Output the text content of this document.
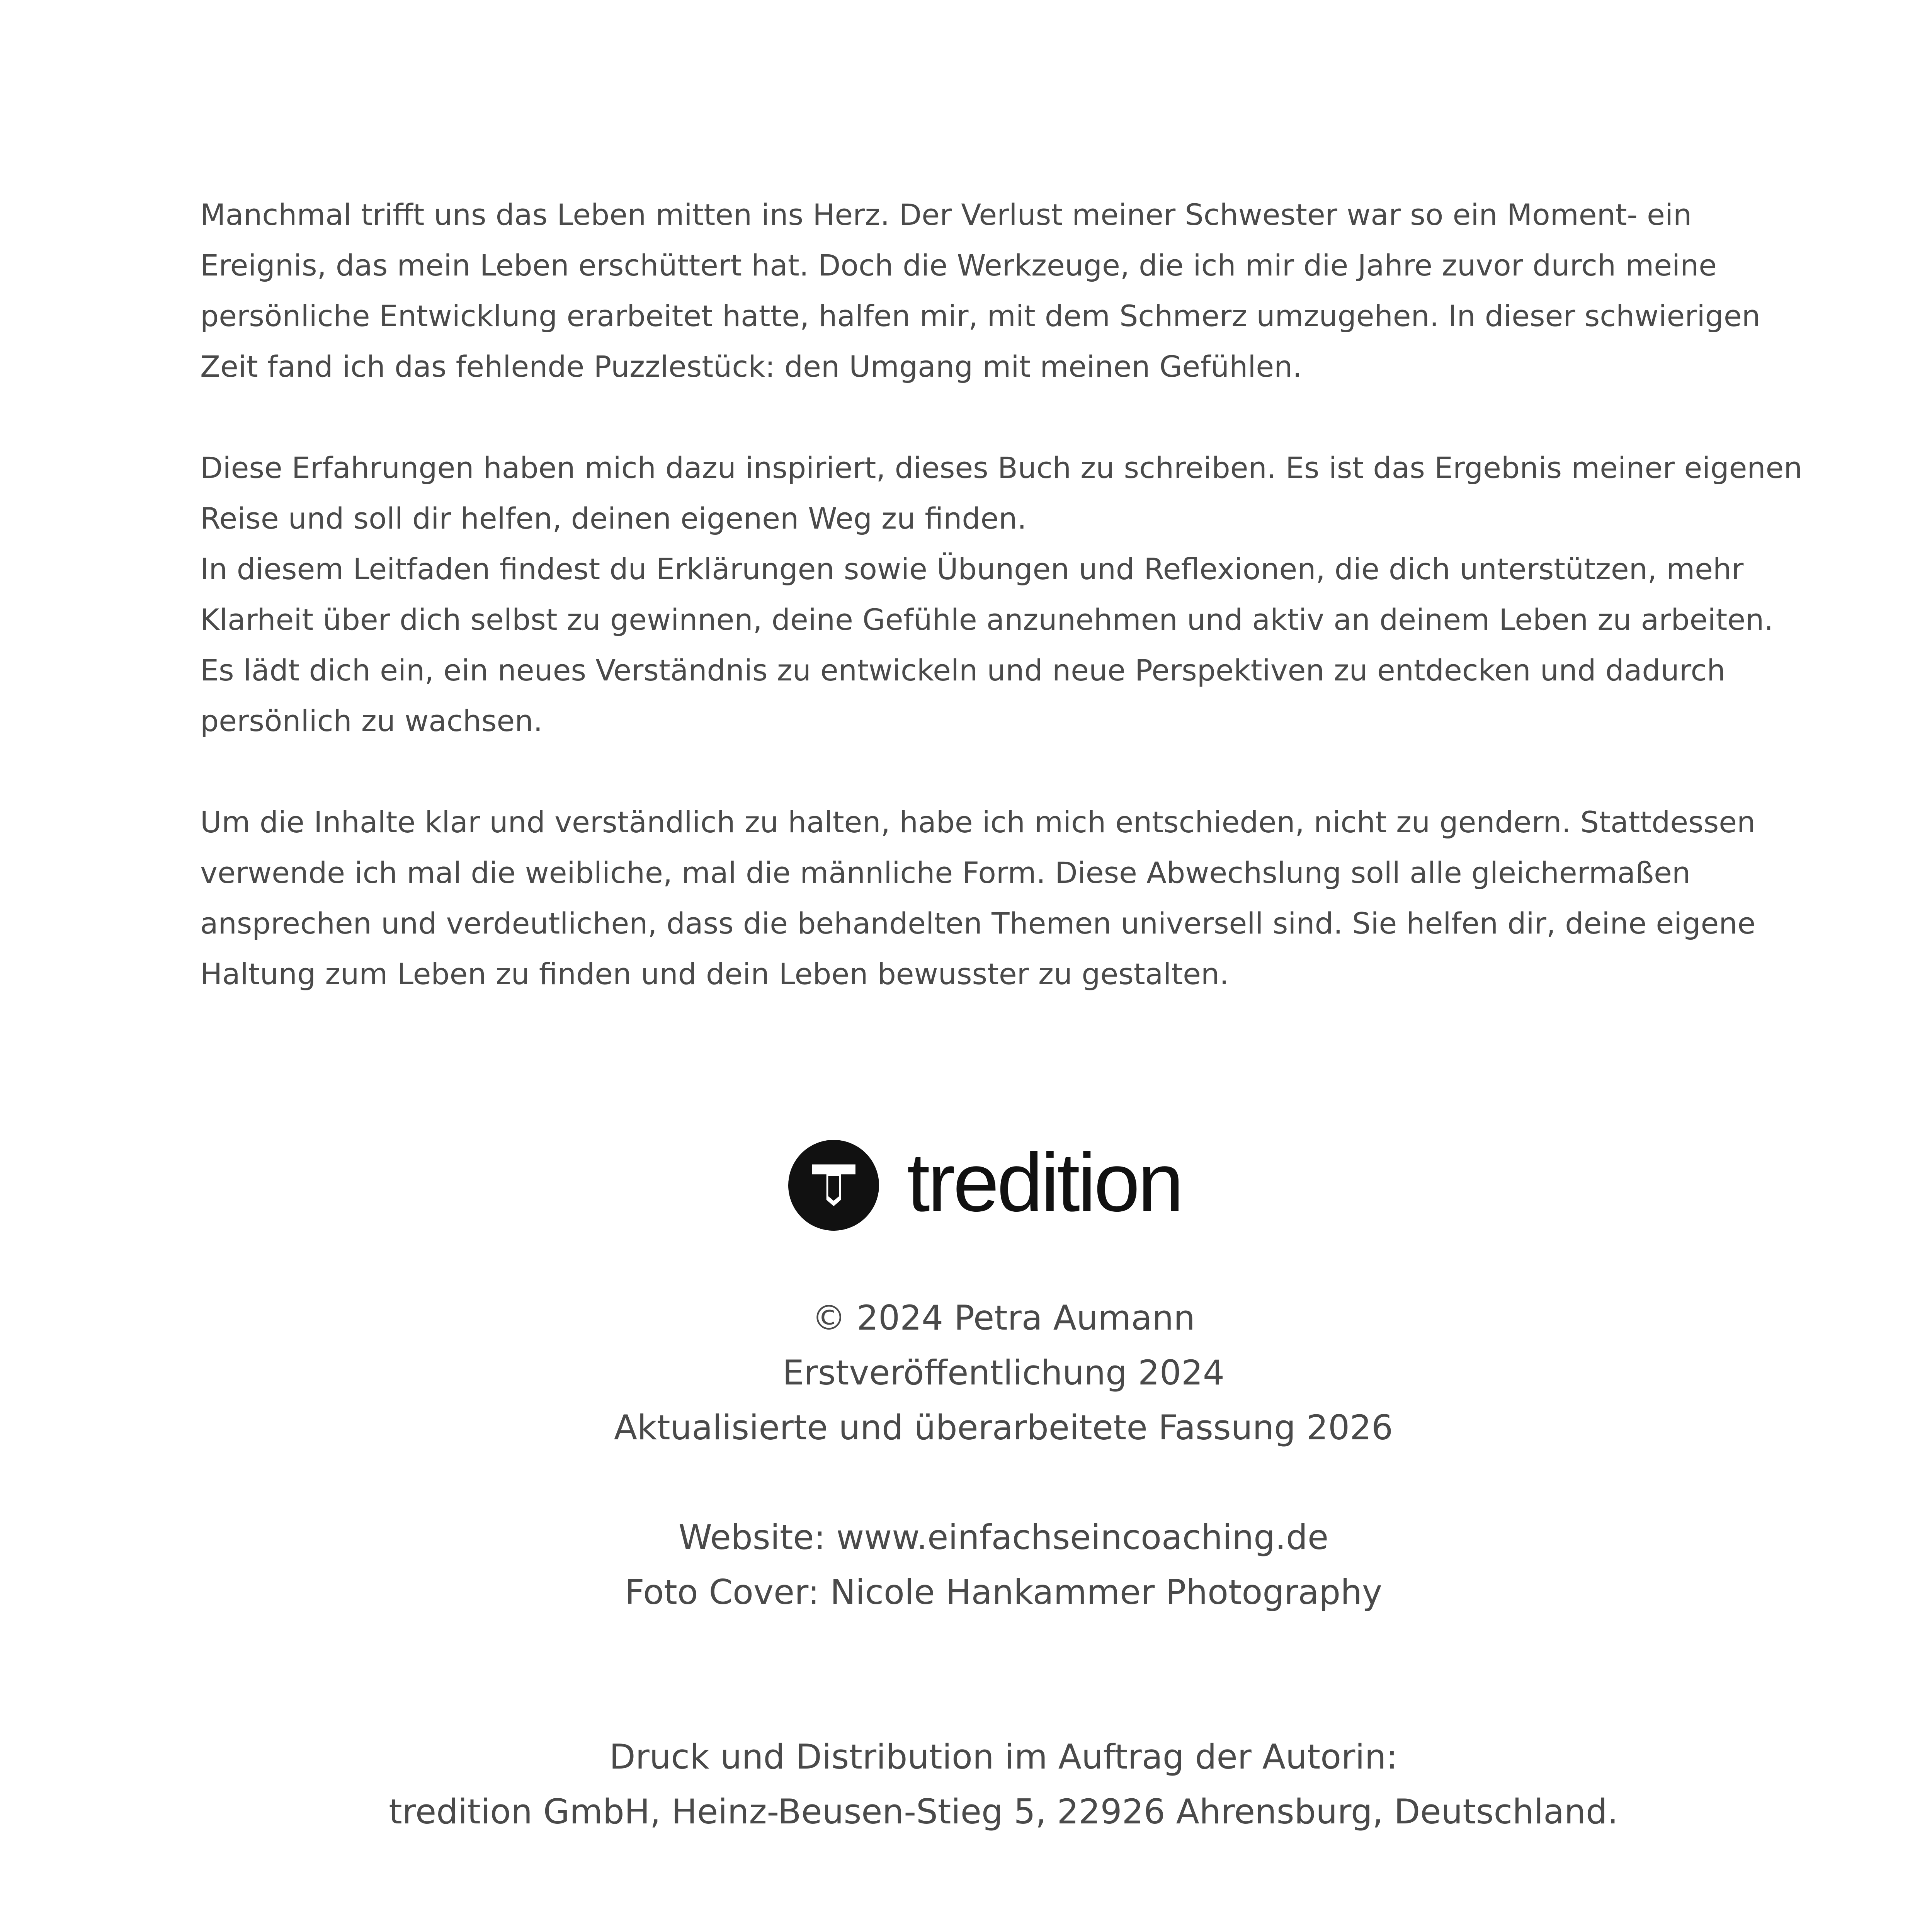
Manchmal trifft uns das Leben mitten ins Herz. Der Verlust meiner Schwester war so ein Moment- ein
Ereignis, das mein Leben erschüttert hat. Doch die Werkzeuge, die ich mir die Jahre zuvor durch meine
persönliche Entwicklung erarbeitet hatte, halfen mir, mit dem Schmerz umzugehen. In dieser schwierigen
Zeit fand ich das fehlende Puzzlestück: den Umgang mit meinen Gefühlen.

Diese Erfahrungen haben mich dazu inspiriert, dieses Buch zu schreiben. Es ist das Ergebnis meiner eigenen
Reise und soll dir helfen, deinen eigenen Weg zu finden.

In diesem Leitfaden findest du Erklärungen sowie Übungen und Reflexionen, die dich unterstützen, mehr
Klarheit über dich selbst zu gewinnen, deine Gefühle anzunehmen und aktiv an deinem Leben zu arbeiten.
Es lädt dich ein, ein neues Verständnis zu entwickeln und neue Perspektiven zu entdecken und dadurch
persönlich zu wachsen.

Um die Inhalte klar und verständlich zu halten, habe ich mich entschieden, nicht zu gendern. Stattdessen
verwende ich mal die weibliche, mal die männliche Form. Diese Abwechslung soll alle gleichermaßen
ansprechen und verdeutlichen, dass die behandelten Themen universell sind. Sie helfen dir, deine eigene
Haltung zum Leben zu finden und dein Leben bewusster zu gestalten.

tredition

© 2024 Petra Aumann

Erstveröffentlichung 2024

Aktualisierte und überarbeitete Fassung 2026

Website: www.einfachseincoaching.de

Foto Cover: Nicole Hankammer Photography

Druck und Distribution im Auftrag der Autorin:

tredition GmbH, Heinz-Beusen-Stieg 5, 22926 Ahrensburg, Deutschland.
